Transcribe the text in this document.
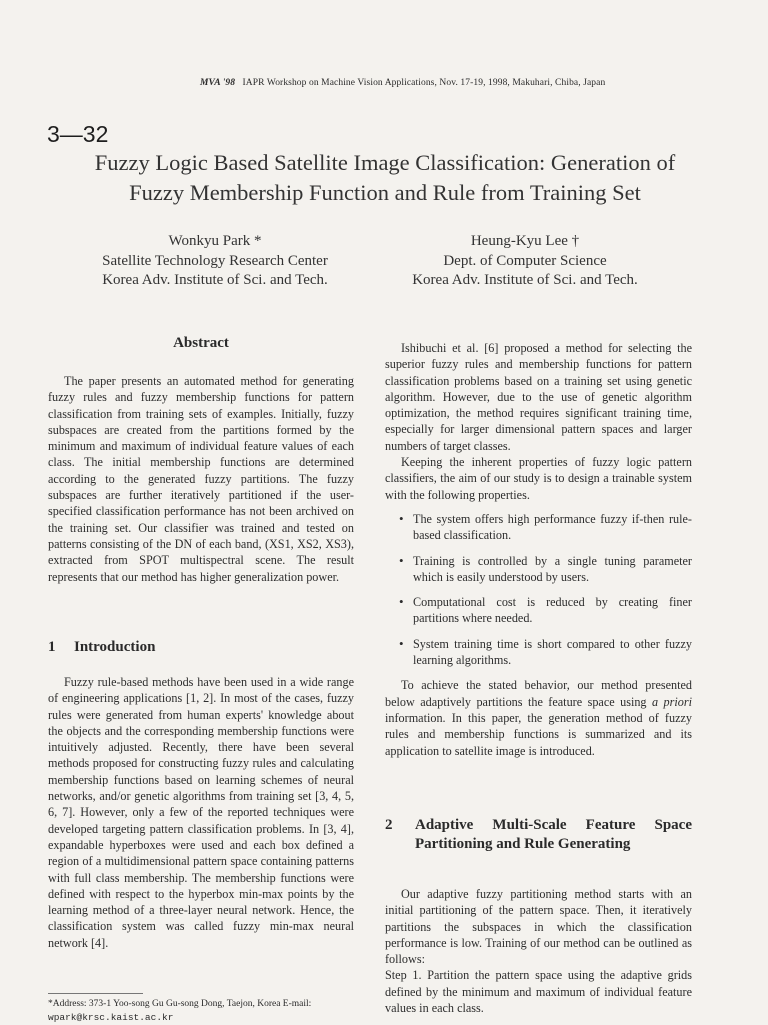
MVA '98 IAPR Workshop on Machine Vision Applications, Nov. 17-19, 1998, Makuhari, Chiba, Japan
3—32
Fuzzy Logic Based Satellite Image Classification: Generation of
Fuzzy Membership Function and Rule from Training Set
Wonkyu Park *
Satellite Technology Research Center
Korea Adv. Institute of Sci. and Tech.
Heung-Kyu Lee †
Dept. of Computer Science
Korea Adv. Institute of Sci. and Tech.
Abstract

The paper presents an automated method for generating fuzzy rules and fuzzy membership functions for pattern classification from training sets of examples. Initially, fuzzy subspaces are created from the partitions formed by the minimum and maximum of individual feature values of each class. The initial membership functions are determined according to the generated fuzzy partitions. The fuzzy subspaces are further iteratively partitioned if the user-specified classification performance has not been archived on the training set. Our classifier was trained and tested on patterns consisting of the DN of each band, (XS1, XS2, XS3), extracted from SPOT multispectral scene. The result represents that our method has higher generalization power.

1 Introduction

Fuzzy rule-based methods have been used in a wide range of engineering applications [1, 2]. In most of the cases, fuzzy rules were generated from human experts' knowledge about the objects and the corresponding membership functions were intuitively adjusted. Recently, there have been several methods proposed for constructing fuzzy rules and calculating membership functions based on learning schemes of neural networks, and/or genetic algorithms from training set [3, 4, 5, 6, 7]. However, only a few of the reported techniques were developed targeting pattern classification problems. In [3, 4], expandable hyperboxes were used and each box defined a region of a multidimensional pattern space containing patterns with full class membership. The membership functions were defined with respect to the hyperbox min-max points by the learning method of a three-layer neural network. Hence, the classification system was called fuzzy min-max neural network [4].

*Address: 373-1 Yoo-song Gu Gu-song Dong, Taejon, Korea E-mail: wpark@krsc.kaist.ac.kr

Ishibuchi et al. [6] proposed a method for selecting the superior fuzzy rules and membership functions for pattern classification problems based on a training set using genetic algorithm. However, due to the use of genetic algorithm optimization, the method requires significant training time, especially for larger dimensional pattern spaces and larger numbers of target classes.

Keeping the inherent properties of fuzzy logic pattern classifiers, the aim of our study is to design a trainable system with the following properties.

• The system offers high performance fuzzy if-then rule-based classification.
• Training is controlled by a single tuning parameter which is easily understood by users.
• Computational cost is reduced by creating finer partitions where needed.
• System training time is short compared to other fuzzy learning algorithms.

To achieve the stated behavior, our method presented below adaptively partitions the feature space using a priori information. In this paper, the generation method of fuzzy rules and membership functions is summarized and its application to satellite image is introduced.

2	Adaptive Multi-Scale Feature Space Partitioning and Rule Generating

Our adaptive fuzzy partitioning method starts with an initial partitioning of the pattern space. Then, it iteratively partitions the subspaces in which the classification performance is low. Training of our method can be outlined as follows:

Step 1. Partition the pattern space using the adaptive grids defined by the minimum and maximum of individual feature values in each class.
